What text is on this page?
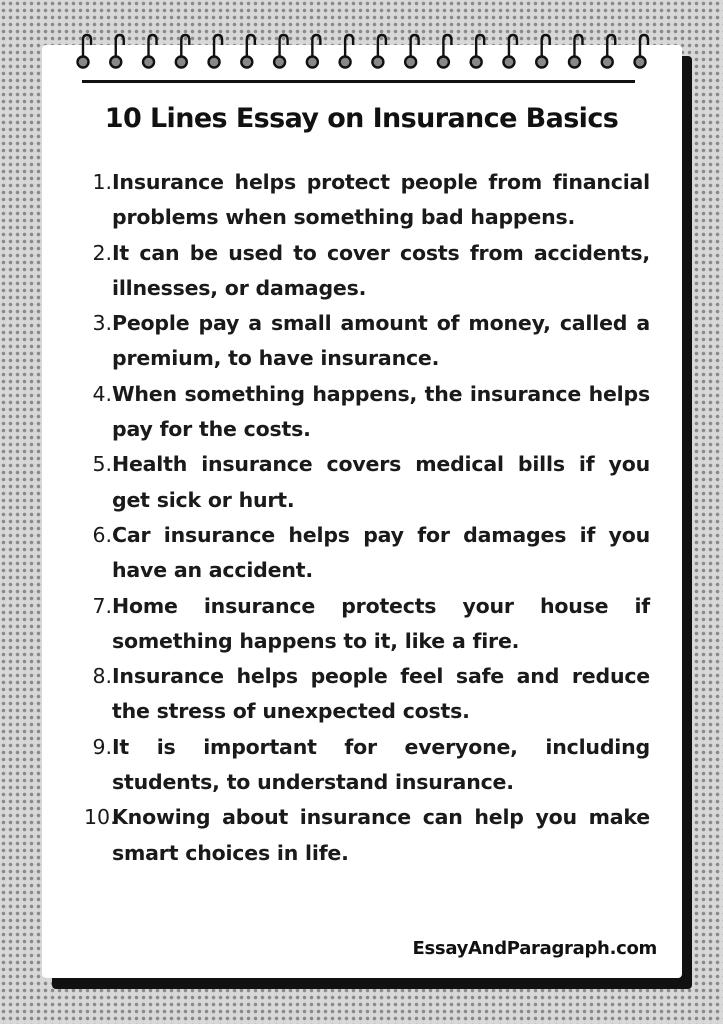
10 Lines Essay on Insurance Basics
1. Insurance helps protect people from financial problems when something bad happens.
2. It can be used to cover costs from accidents, illnesses, or damages.
3. People pay a small amount of money, called a premium, to have insurance.
4. When something happens, the insurance helps pay for the costs.
5. Health insurance covers medical bills if you get sick or hurt.
6. Car insurance helps pay for damages if you have an accident.
7. Home insurance protects your house if something happens to it, like a fire.
8. Insurance helps people feel safe and reduce the stress of unexpected costs.
9. It is important for everyone, including students, to understand insurance.
10.
Knowing about insurance can help you make smart choices in life.
EssayAndParagraph.com
